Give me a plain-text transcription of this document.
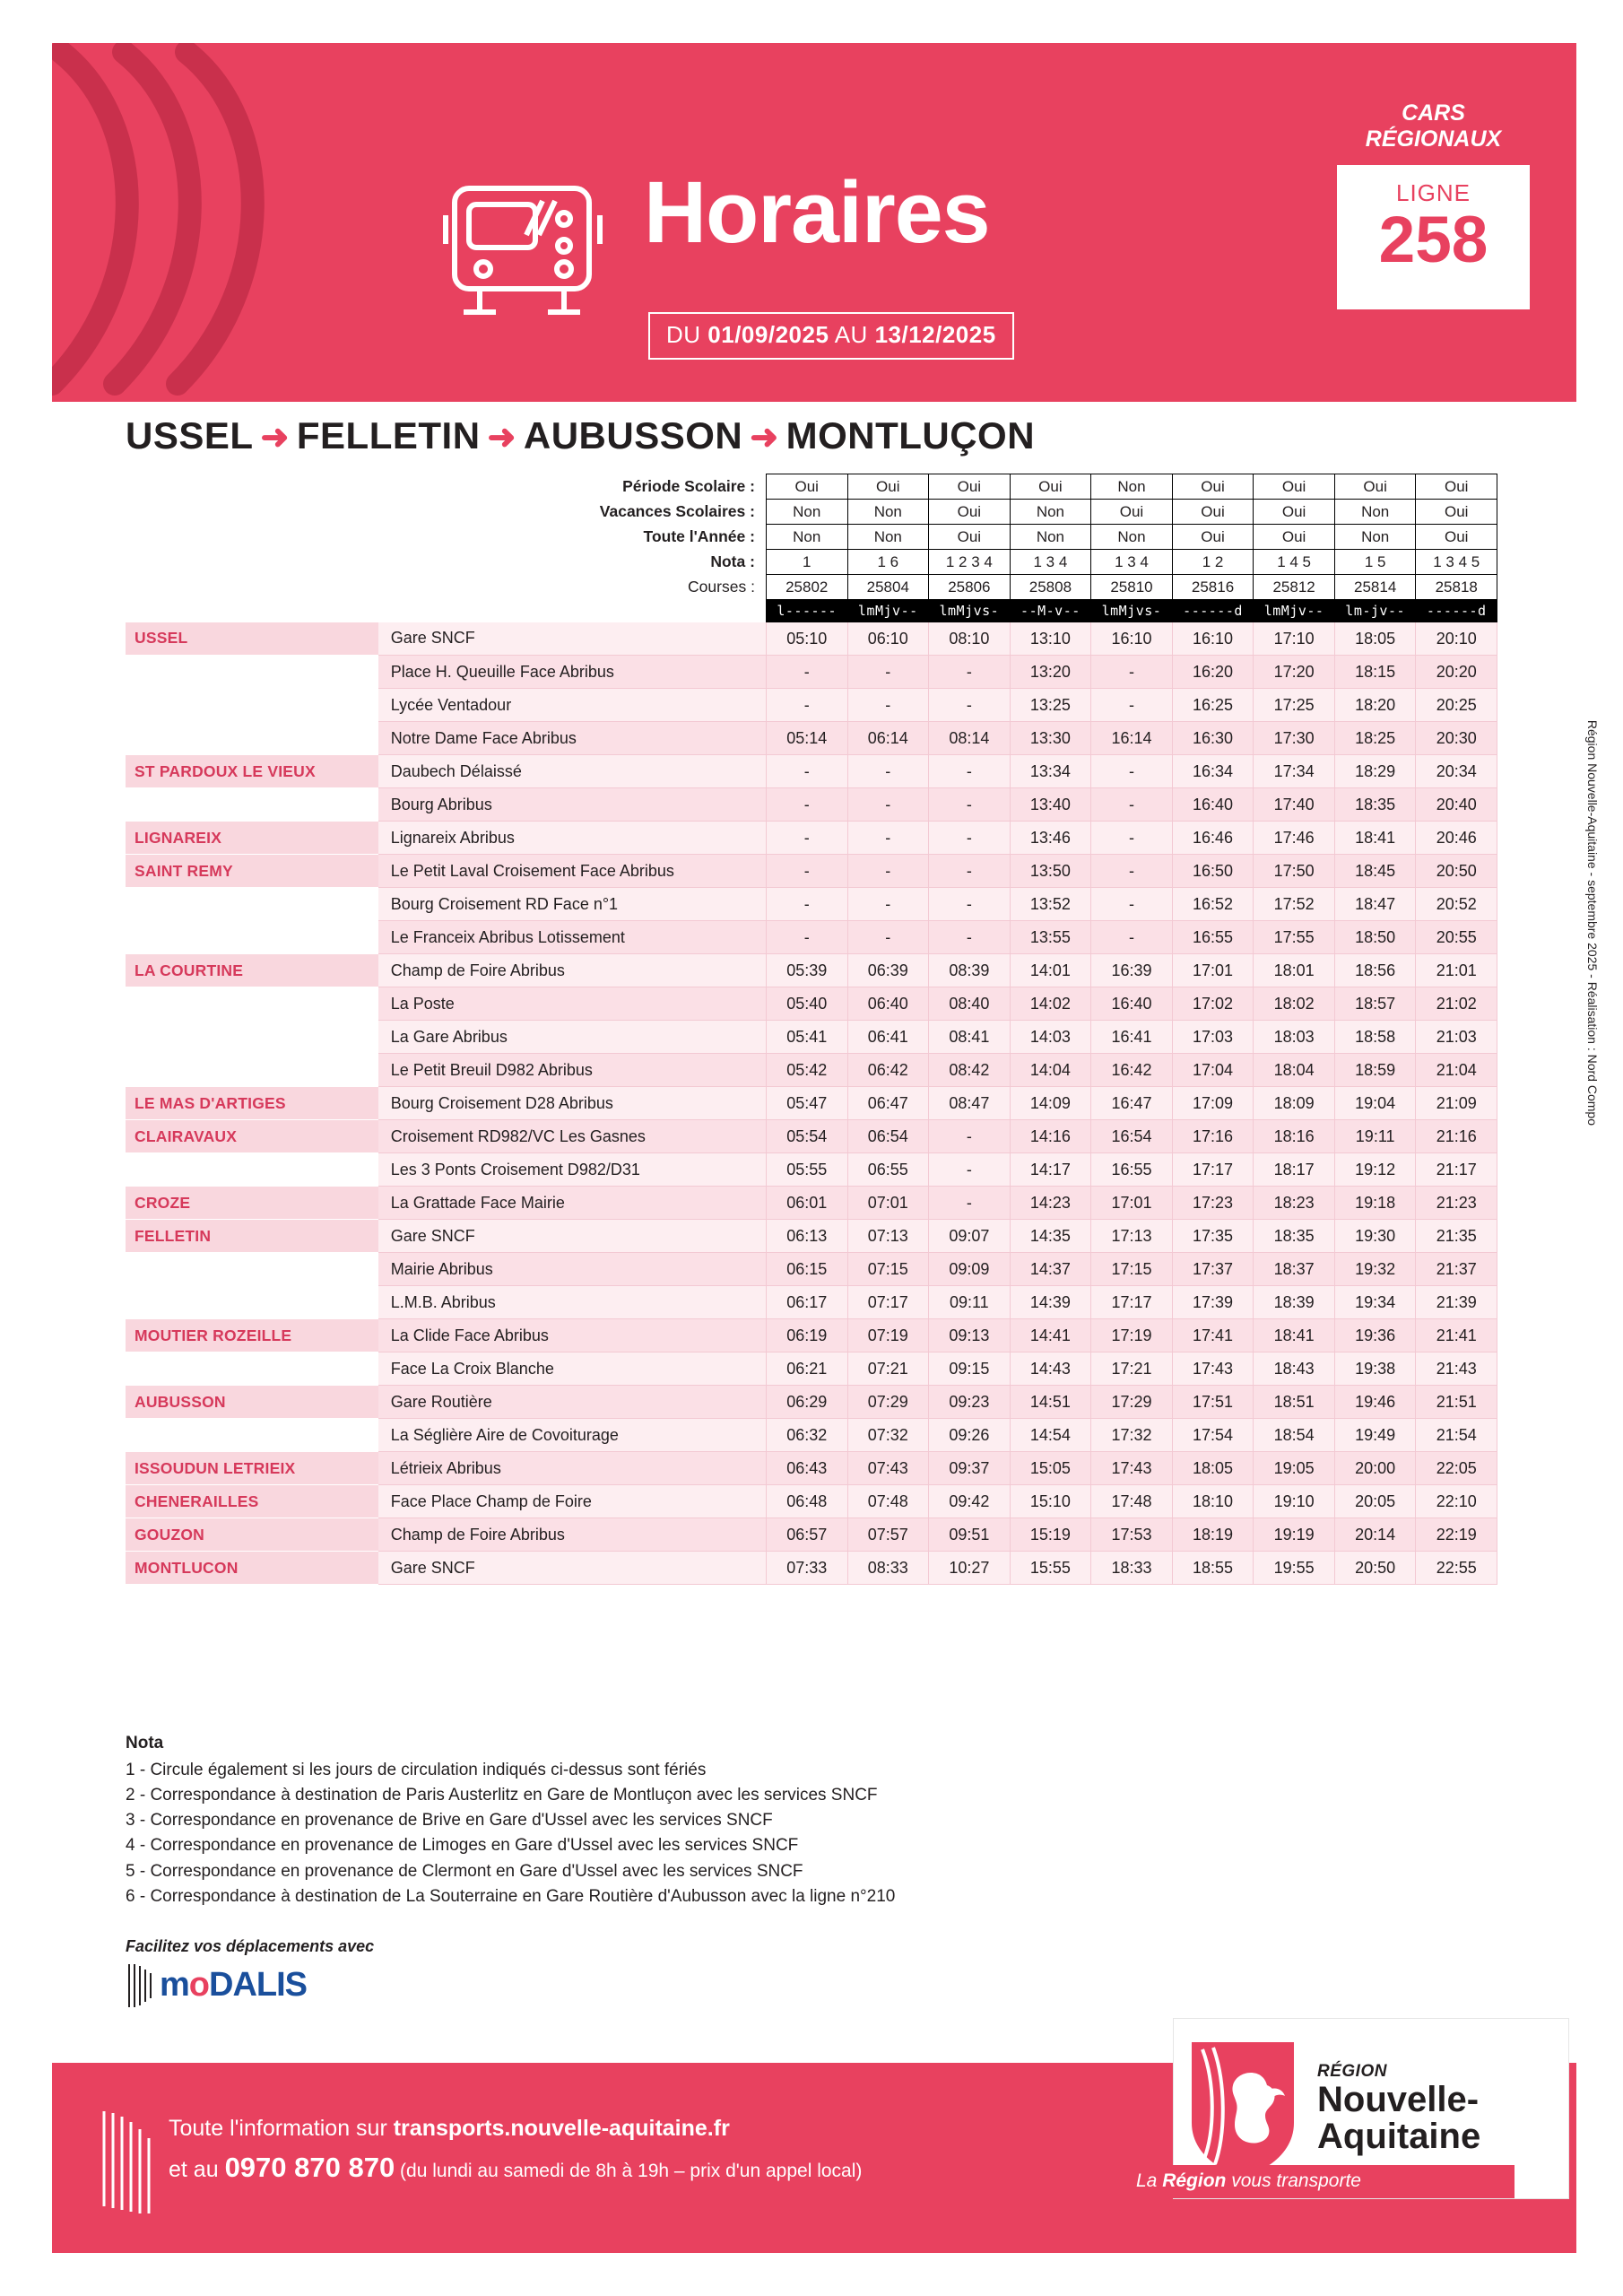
Horaires
DU 01/09/2025 AU 13/12/2025
CARS
RÉGIONAUX
LIGNE
258
USSEL ➜ FELLETIN ➜ AUBUSSON ➜ MONTLUÇON
	Période Scolaire :	Oui	Oui	Oui	Oui	Non	Oui	Oui	Oui	Oui
	Vacances Scolaires :	Non	Non	Oui	Non	Oui	Oui	Oui	Non	Oui
	Toute l'Année :	Non	Non	Oui	Non	Non	Oui	Oui	Non	Oui
	Nota :	1	1 6	1 2 3 4	1 3 4	1 3 4	1 2	1 4 5	1 5	1 3 4 5
	Courses :	25802	25804	25806	25808	25810	25816	25812	25814	25818
		l------	lmMjv--	lmMjvs-	--M-v--	lmMjvs-	------d	lmMjv--	lm-jv--	------d
USSEL	Gare SNCF	05:10	06:10	08:10	13:10	16:10	16:10	17:10	18:05	20:10
	Place H. Queuille Face Abribus	-	-	-	13:20	-	16:20	17:20	18:15	20:20
	Lycée Ventadour	-	-	-	13:25	-	16:25	17:25	18:20	20:25
	Notre Dame Face Abribus	05:14	06:14	08:14	13:30	16:14	16:30	17:30	18:25	20:30
ST PARDOUX LE VIEUX	Daubech Délaissé	-	-	-	13:34	-	16:34	17:34	18:29	20:34
	Bourg Abribus	-	-	-	13:40	-	16:40	17:40	18:35	20:40
LIGNAREIX	Lignareix Abribus	-	-	-	13:46	-	16:46	17:46	18:41	20:46
SAINT REMY	Le Petit Laval Croisement Face Abribus	-	-	-	13:50	-	16:50	17:50	18:45	20:50
	Bourg Croisement RD Face n°1	-	-	-	13:52	-	16:52	17:52	18:47	20:52
	Le Franceix Abribus Lotissement	-	-	-	13:55	-	16:55	17:55	18:50	20:55
LA COURTINE	Champ de Foire Abribus	05:39	06:39	08:39	14:01	16:39	17:01	18:01	18:56	21:01
	La Poste	05:40	06:40	08:40	14:02	16:40	17:02	18:02	18:57	21:02
	La Gare Abribus	05:41	06:41	08:41	14:03	16:41	17:03	18:03	18:58	21:03
	Le Petit Breuil D982 Abribus	05:42	06:42	08:42	14:04	16:42	17:04	18:04	18:59	21:04
LE MAS D'ARTIGES	Bourg Croisement D28 Abribus	05:47	06:47	08:47	14:09	16:47	17:09	18:09	19:04	21:09
CLAIRAVAUX	Croisement RD982/VC Les Gasnes	05:54	06:54	-	14:16	16:54	17:16	18:16	19:11	21:16
	Les 3 Ponts Croisement D982/D31	05:55	06:55	-	14:17	16:55	17:17	18:17	19:12	21:17
CROZE	La Grattade Face Mairie	06:01	07:01	-	14:23	17:01	17:23	18:23	19:18	21:23
FELLETIN	Gare SNCF	06:13	07:13	09:07	14:35	17:13	17:35	18:35	19:30	21:35
	Mairie Abribus	06:15	07:15	09:09	14:37	17:15	17:37	18:37	19:32	21:37
	L.M.B. Abribus	06:17	07:17	09:11	14:39	17:17	17:39	18:39	19:34	21:39
MOUTIER ROZEILLE	La Clide Face Abribus	06:19	07:19	09:13	14:41	17:19	17:41	18:41	19:36	21:41
	Face La Croix Blanche	06:21	07:21	09:15	14:43	17:21	17:43	18:43	19:38	21:43
AUBUSSON	Gare Routière	06:29	07:29	09:23	14:51	17:29	17:51	18:51	19:46	21:51
	La Séglière Aire de Covoiturage	06:32	07:32	09:26	14:54	17:32	17:54	18:54	19:49	21:54
ISSOUDUN LETRIEIX	Létrieix Abribus	06:43	07:43	09:37	15:05	17:43	18:05	19:05	20:00	22:05
CHENERAILLES	Face Place Champ de Foire	06:48	07:48	09:42	15:10	17:48	18:10	19:10	20:05	22:10
GOUZON	Champ de Foire Abribus	06:57	07:57	09:51	15:19	17:53	18:19	19:19	20:14	22:19
MONTLUCON	Gare SNCF	07:33	08:33	10:27	15:55	18:33	18:55	19:55	20:50	22:55
Nota
1 - Circule également si les jours de circulation indiqués ci-dessus sont fériés
2 - Correspondance à destination de Paris Austerlitz en Gare de Montluçon avec les services SNCF
3 - Correspondance en provenance de Brive en Gare d'Ussel avec les services SNCF
4 - Correspondance en provenance de Limoges en Gare d'Ussel avec les services SNCF
5 - Correspondance en provenance de Clermont en Gare d'Ussel avec les services SNCF
6 - Correspondance à destination de La Souterraine en Gare Routière d'Aubusson avec la ligne n°210
Région Nouvelle-Aquitaine - septembre 2025 - Réalisation : Nord Compo
Facilitez vos déplacements avec
moDALIS
Toute l'information sur transports.nouvelle-aquitaine.fr
et au 0970 870 870 (du lundi au samedi de 8h à 19h – prix d'un appel local)
RÉGION
Nouvelle-
Aquitaine
La Région vous transporte
